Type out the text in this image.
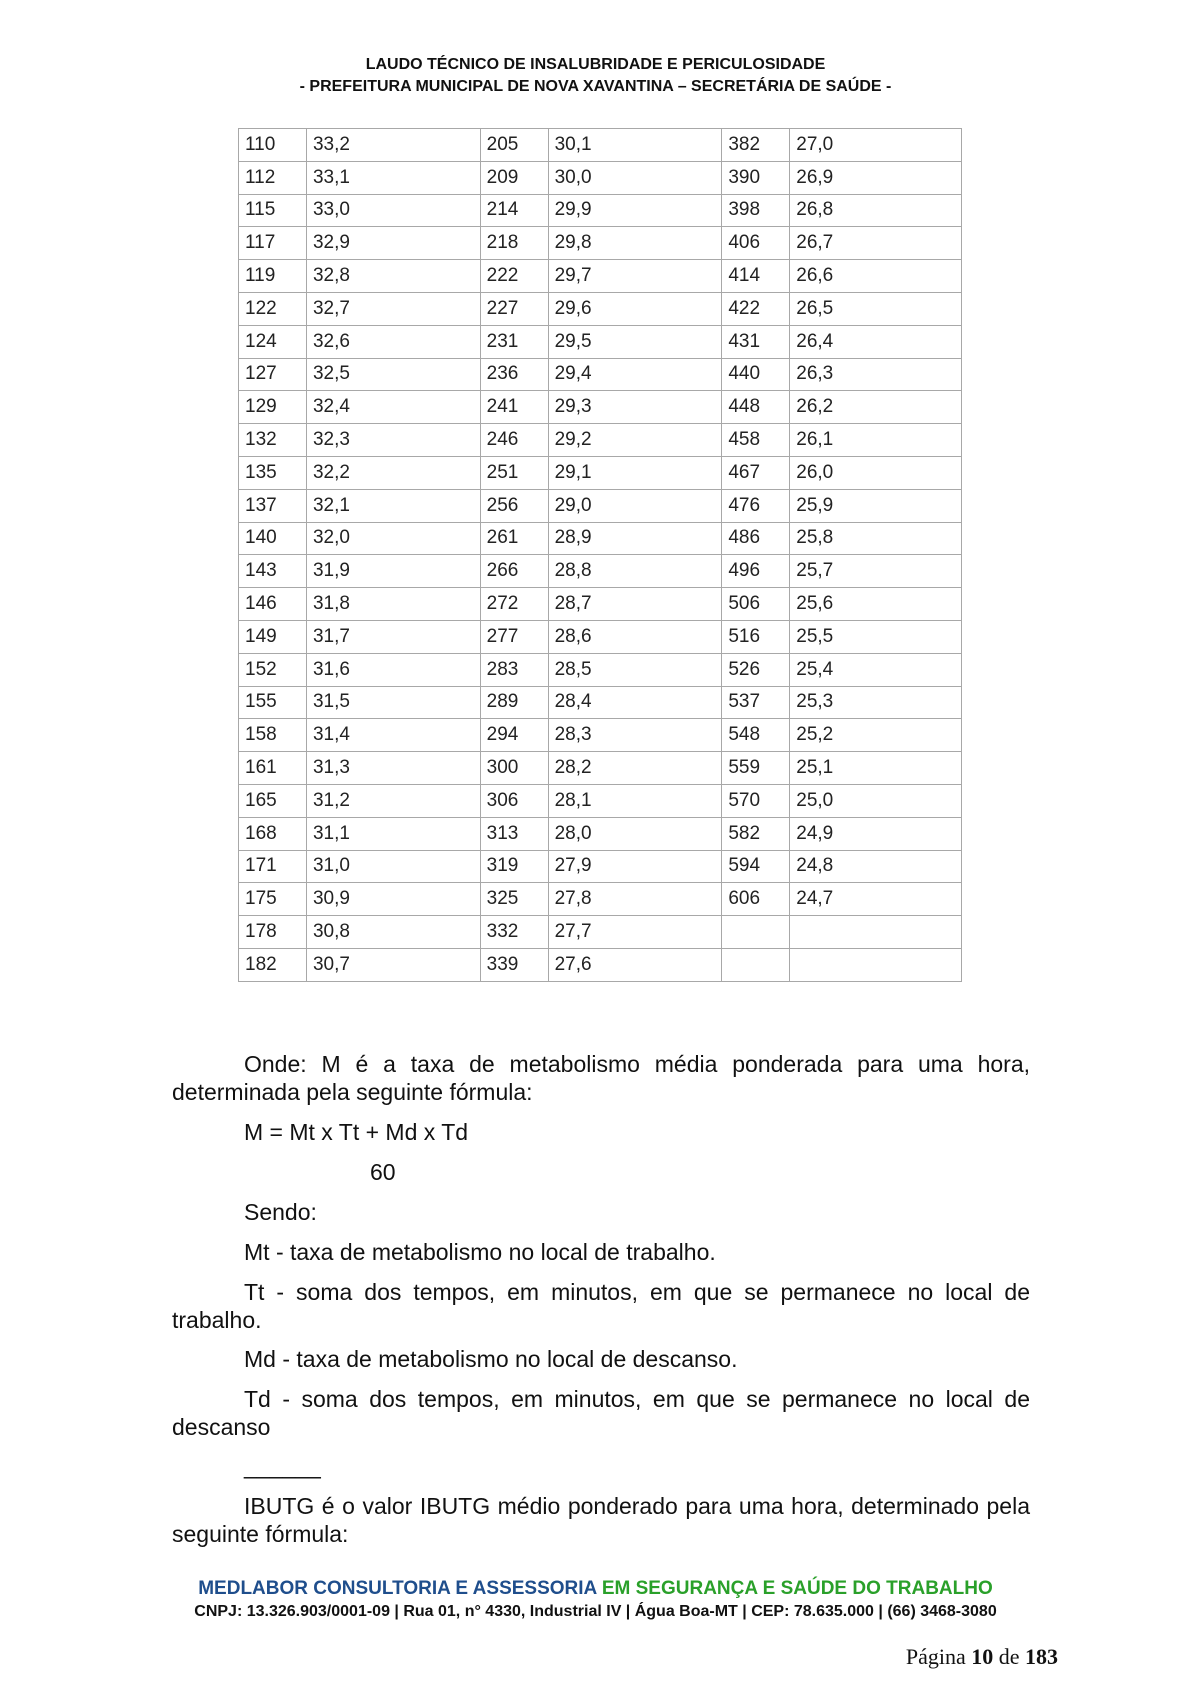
LAUDO TÉCNICO DE INSALUBRIDADE E PERICULOSIDADE
- PREFEITURA MUNICIPAL DE NOVA XAVANTINA – SECRETÁRIA DE SAÚDE -
110	33,2	205	30,1	382	27,0
112	33,1	209	30,0	390	26,9
115	33,0	214	29,9	398	26,8
117	32,9	218	29,8	406	26,7
119	32,8	222	29,7	414	26,6
122	32,7	227	29,6	422	26,5
124	32,6	231	29,5	431	26,4
127	32,5	236	29,4	440	26,3
129	32,4	241	29,3	448	26,2
132	32,3	246	29,2	458	26,1
135	32,2	251	29,1	467	26,0
137	32,1	256	29,0	476	25,9
140	32,0	261	28,9	486	25,8
143	31,9	266	28,8	496	25,7
146	31,8	272	28,7	506	25,6
149	31,7	277	28,6	516	25,5
152	31,6	283	28,5	526	25,4
155	31,5	289	28,4	537	25,3
158	31,4	294	28,3	548	25,2
161	31,3	300	28,2	559	25,1
165	31,2	306	28,1	570	25,0
168	31,1	313	28,0	582	24,9
171	31,0	319	27,9	594	24,8
175	30,9	325	27,8	606	24,7
178	30,8	332	27,7		
182	30,7	339	27,6		
Onde: M é a taxa de metabolismo média ponderada para uma hora, determinada pela seguinte fórmula:
M = Mt x Tt + Md x Td
60
Sendo:
Mt - taxa de metabolismo no local de trabalho.
Tt - soma dos tempos, em minutos, em que se permanece no local de trabalho.
Md - taxa de metabolismo no local de descanso.
Td - soma dos tempos, em minutos, em que se permanece no local de descanso
______
IBUTG é o valor IBUTG médio ponderado para uma hora, determinado pela seguinte fórmula:
MEDLABOR CONSULTORIA E ASSESSORIA EM SEGURANÇA E SAÚDE DO TRABALHO
CNPJ: 13.326.903/0001-09 | Rua 01, n° 4330, Industrial IV | Água Boa-MT | CEP: 78.635.000 | (66) 3468-3080
Página 10 de 183
